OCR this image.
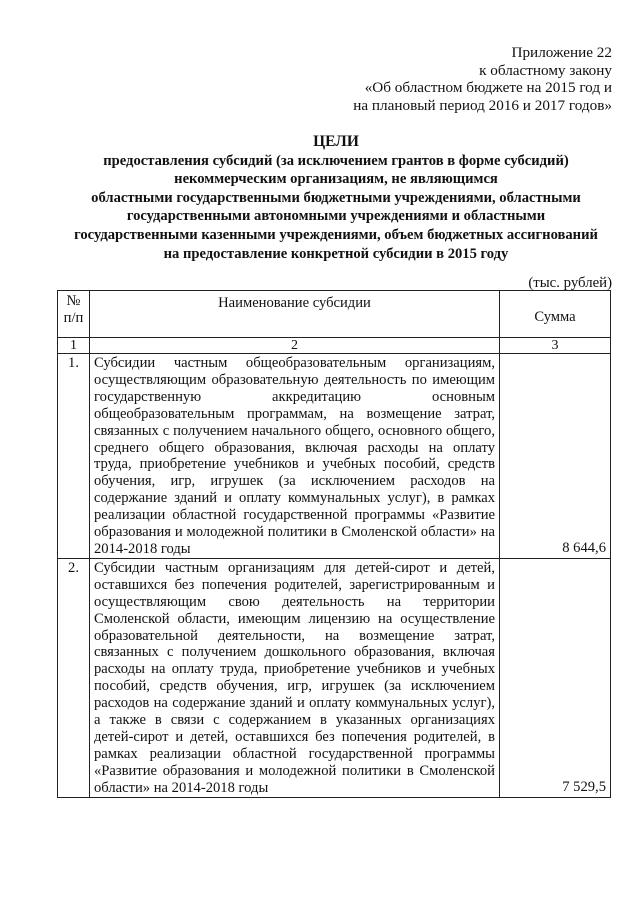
Приложение 22
к областному закону
«Об областном бюджете на 2015 год и
на плановый период 2016 и 2017 годов»
ЦЕЛИ
предоставления субсидий (за исключением грантов в форме субсидий)
некоммерческим организациям, не являющимся
областными государственными бюджетными учреждениями, областными
государственными автономными учреждениями и областными
государственными казенными учреждениями, объем бюджетных ассигнований
на предоставление конкретной субсидии в 2015 году
(тыс. рублей)
№
п/п	Наименование субсидии	Сумма
1	2	3
1.	Субсидии частным общеобразовательным организациям, осуществляющим образовательную деятельность по имеющим государственную аккредитацию основным общеобразовательным программам, на возмещение затрат, связанных с получением начального общего, основного общего, среднего общего образования, включая расходы на оплату труда, приобретение учебников и учебных пособий, средств обучения, игр, игрушек (за исключением расходов на содержание зданий и оплату коммунальных услуг), в рамках реализации областной государственной программы «Развитие образования и молодежной политики в Смоленской области» на 2014-2018 годы	8 644,6
2.	Субсидии частным организациям для детей-сирот и детей, оставшихся без попечения родителей, зарегистрированным и осуществляющим свою деятельность на территории Смоленской области, имеющим лицензию на осуществление образовательной деятельности, на возмещение затрат, связанных с получением дошкольного образования, включая расходы на оплату труда, приобретение учебников и учебных пособий, средств обучения, игр, игрушек (за исключением расходов на содержание зданий и оплату коммунальных услуг), а также в связи с содержанием в указанных организациях детей-сирот и детей, оставшихся без попечения родителей, в рамках реализации областной государственной программы «Развитие образования и молодежной политики в Смоленской области» на 2014-2018 годы	7 529,5
